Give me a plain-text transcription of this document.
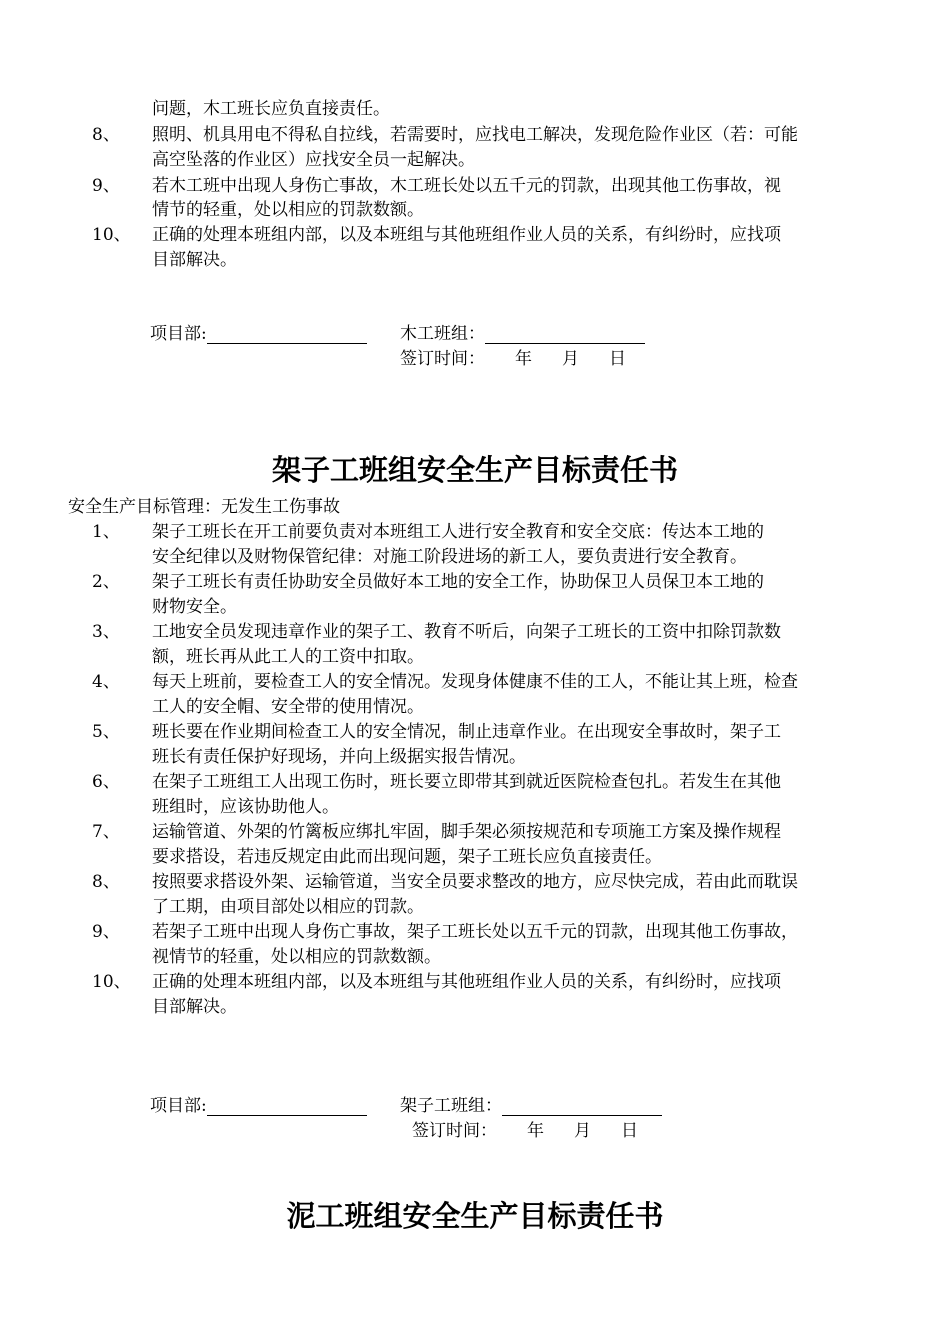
问题，木工班长应负直接责任。
8、	照明、机具用电不得私自拉线，若需要时，应找电工解决，发现危险作业区（若：可能
高空坠落的作业区）应找安全员一起解决。
9、	若木工班中出现人身伤亡事故，木工班长处以五千元的罚款，出现其他工伤事故，视
情节的轻重，处以相应的罚款数额。
10、	正确的处理本班组内部，以及本班组与其他班组作业人员的关系，有纠纷时，应找项
目部解决。
项目部:	木工班组：
签订时间： 年 月 日
架子工班组安全生产目标责任书
安全生产目标管理：无发生工伤事故
1、	架子工班长在开工前要负责对本班组工人进行安全教育和安全交底：传达本工地的
安全纪律以及财物保管纪律：对施工阶段进场的新工人，要负责进行安全教育。
2、	架子工班长有责任协助安全员做好本工地的安全工作，协助保卫人员保卫本工地的
财物安全。
3、	工地安全员发现违章作业的架子工、教育不听后，向架子工班长的工资中扣除罚款数
额，班长再从此工人的工资中扣取。
4、	每天上班前，要检查工人的安全情况。发现身体健康不佳的工人，不能让其上班，检查
工人的安全帽、安全带的使用情况。
5、	班长要在作业期间检查工人的安全情况，制止违章作业。在出现安全事故时，架子工
班长有责任保护好现场，并向上级据实报告情况。
6、	在架子工班组工人出现工伤时，班长要立即带其到就近医院检查包扎。若发生在其他
班组时，应该协助他人。
7、	运输管道、外架的竹篱板应绑扎牢固，脚手架必须按规范和专项施工方案及操作规程
要求搭设，若违反规定由此而出现问题，架子工班长应负直接责任。
8、	按照要求搭设外架、运输管道，当安全员要求整改的地方，应尽快完成，若由此而耽误
了工期，由项目部处以相应的罚款。
9、	若架子工班中出现人身伤亡事故，架子工班长处以五千元的罚款，出现其他工伤事故，
视情节的轻重，处以相应的罚款数额。
10、	正确的处理本班组内部，以及本班组与其他班组作业人员的关系，有纠纷时，应找项
目部解决。
项目部:	架子工班组：
签订时间： 年 月 日
泥工班组安全生产目标责任书
